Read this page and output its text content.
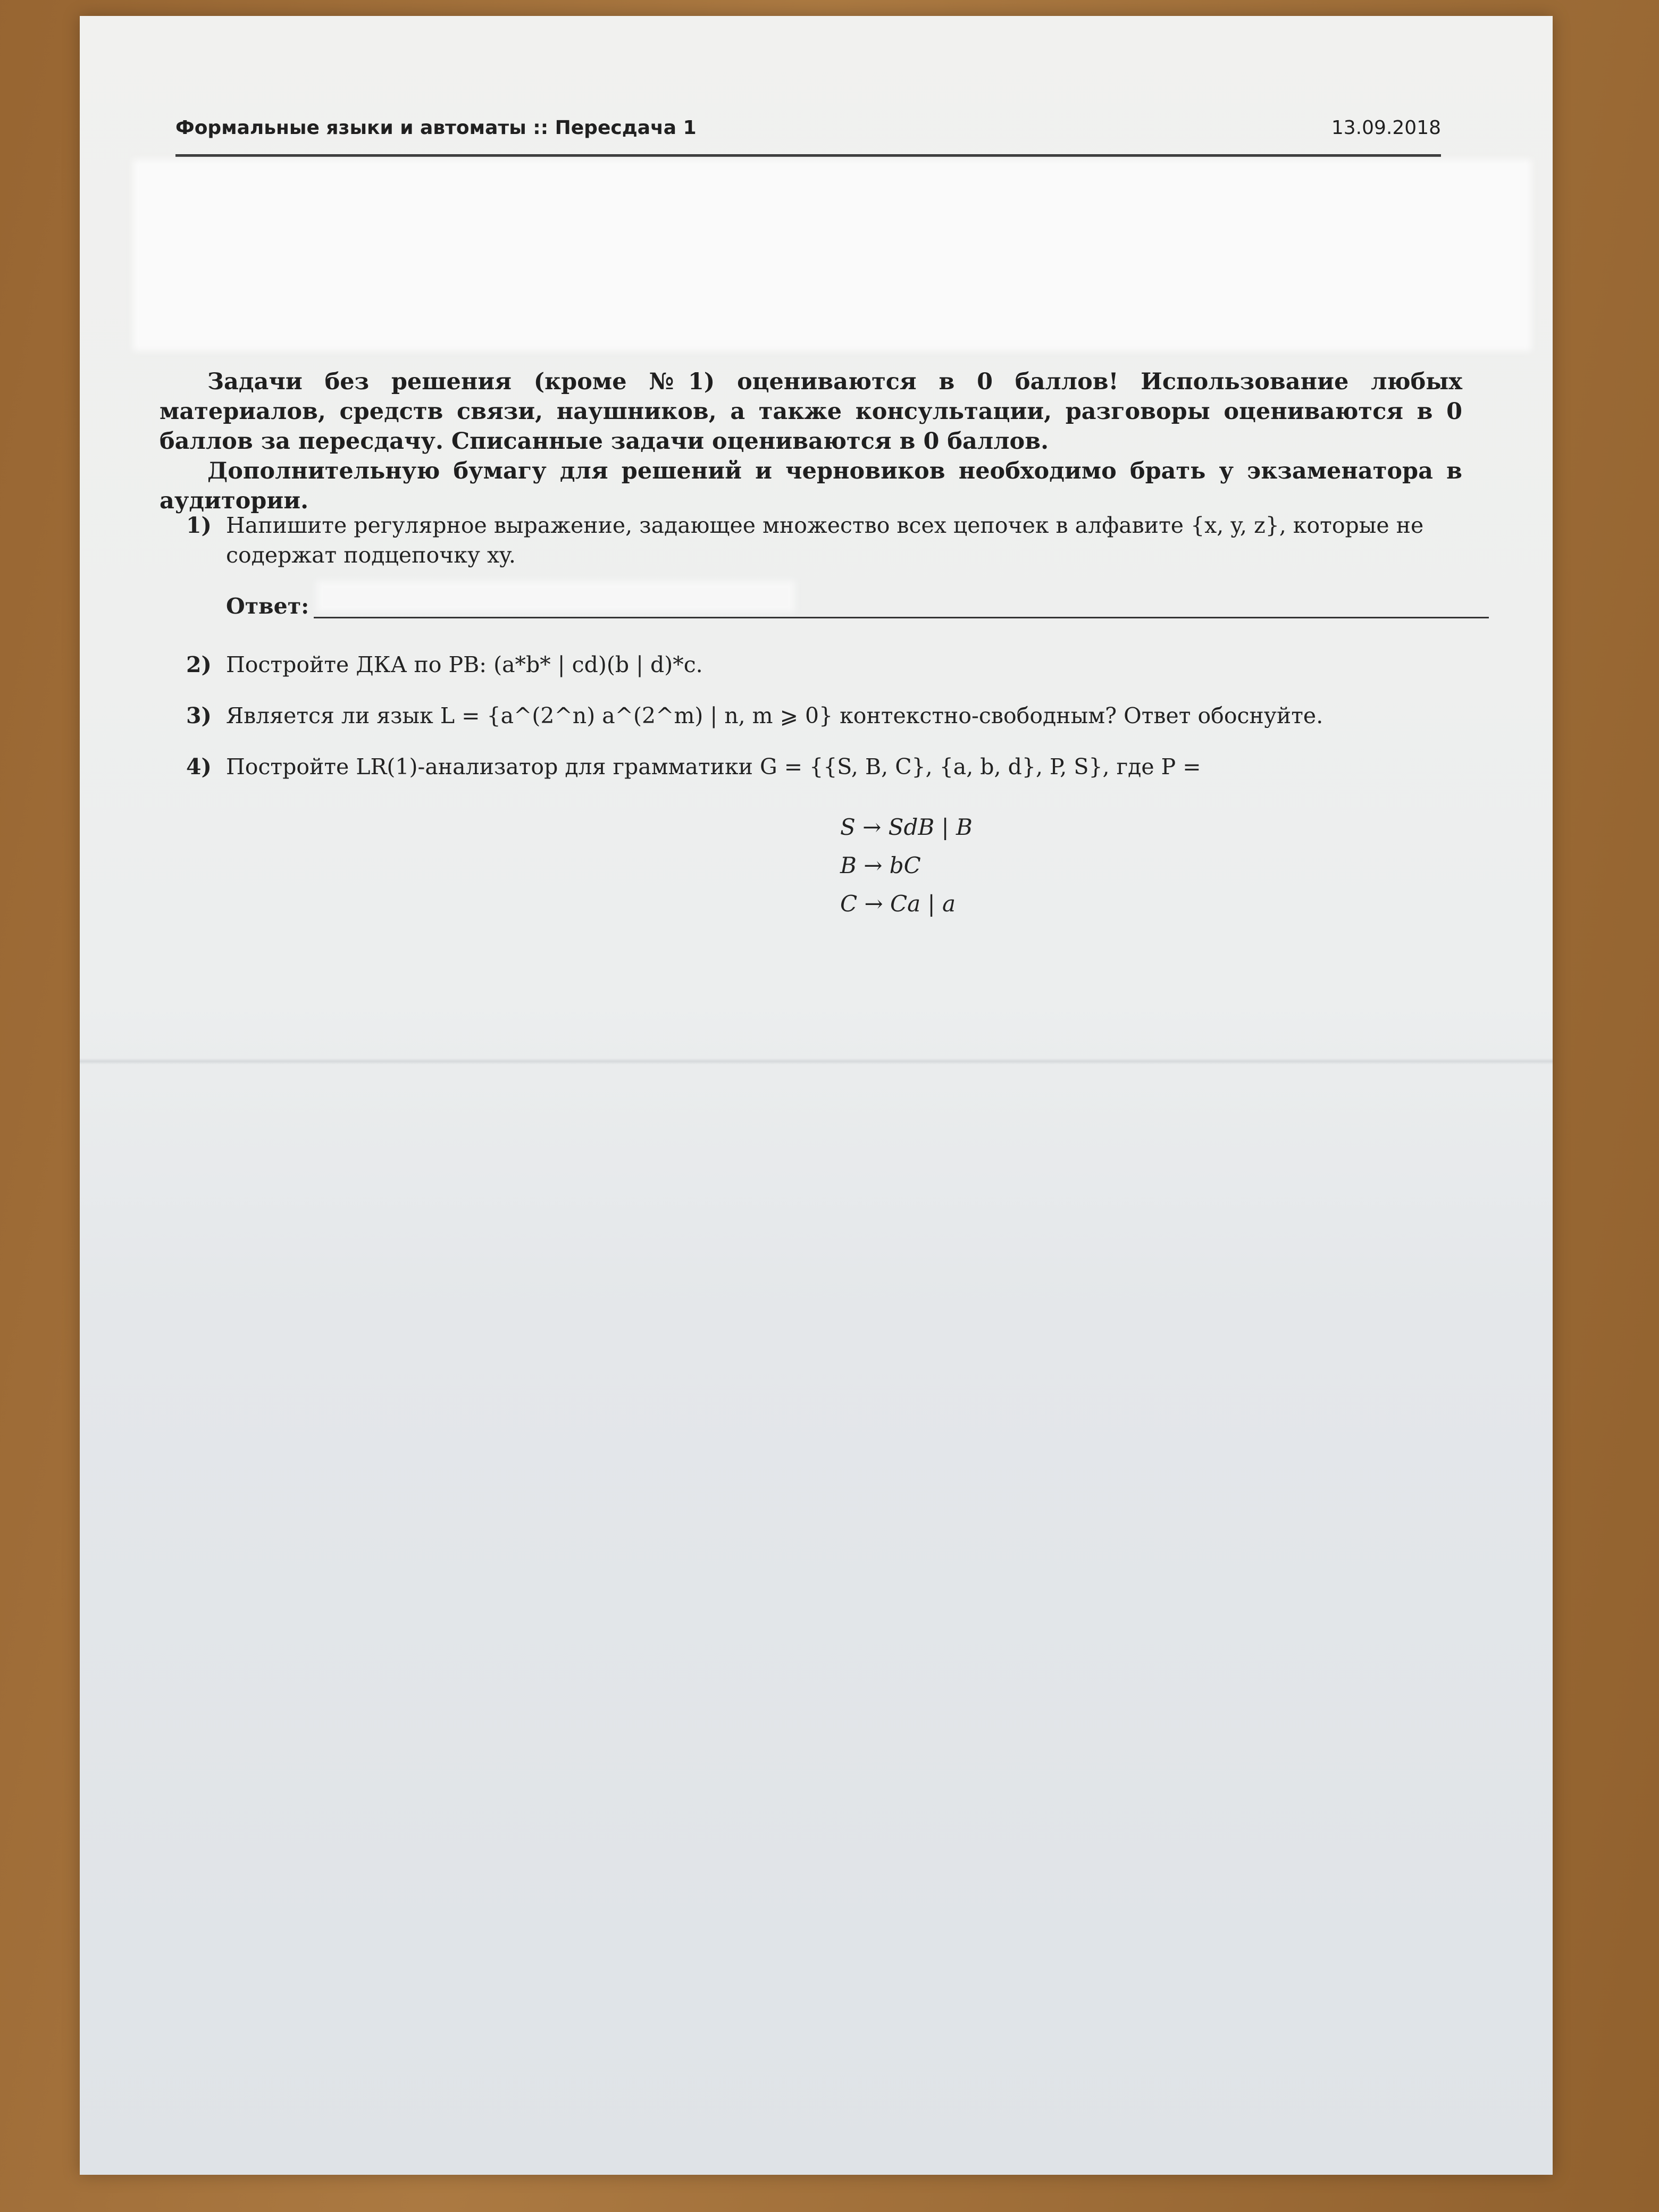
Формальные языки и автоматы :: Пересдача 1	13.09.2018

Задачи без решения (кроме №1) оцениваются в 0 баллов! Использование любых материалов, средств связи, наушников, а также консультации, разговоры оцениваются в 0 баллов за пересдачу. Списанные задачи оцениваются в 0 баллов.

Дополнительную бумагу для решений и черновиков необходимо брать у экзаменатора в аудитории.

1) Напишите регулярное выражение, задающее множество всех цепочек в алфавите {x, y, z}, которые не содержат подцепочку xy.
Ответ:
2) Постройте ДКА по РВ: (a*b* | cd)(b | d)*c.
3) Является ли язык L = {a^(2^n) a^(2^m) | n, m ⩾ 0} контекстно-свободным? Ответ обоснуйте.
4) Постройте LR(1)-анализатор для грамматики G = {{S, B, C}, {a, b, d}, P, S}, где P =
S → SdB | B
B → bC
C → Ca | a
